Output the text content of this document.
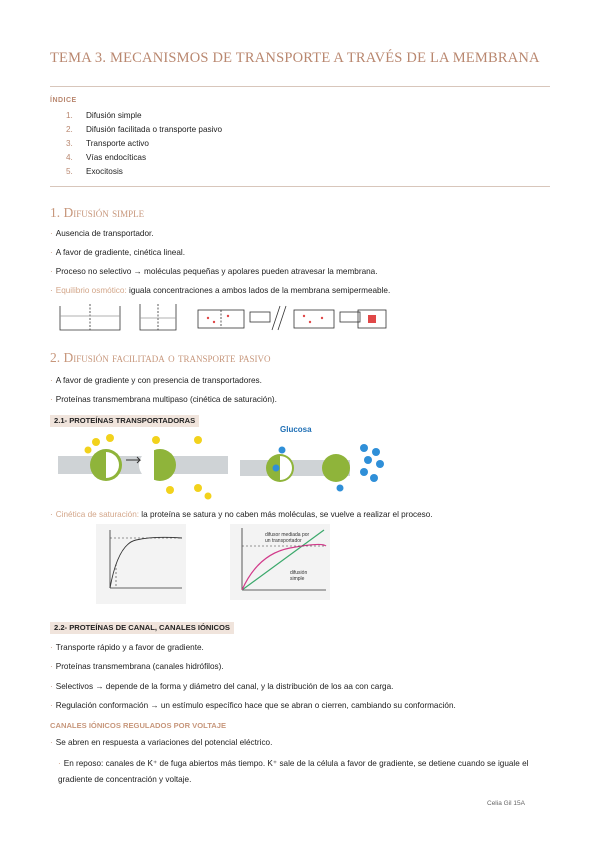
TEMA 3. MECANISMOS DE TRANSPORTE A TRAVÉS DE LA MEMBRANA
ÍNDICE
1. Difusión simple
2. Difusión facilitada o transporte pasivo
3. Transporte activo
4. Vías endocíticas
5. Exocitosis
1. Difusión simple
· Ausencia de transportador.
· A favor de gradiente, cinética lineal.
· Proceso no selectivo → moléculas pequeñas y apolares pueden atravesar la membrana.
· Equilibrio osmótico: iguala concentraciones a ambos lados de la membrana semipermeable.
2. Difusión facilitada o transporte pasivo
· A favor de gradiente y con presencia de transportadores.
· Proteínas transmembrana multipaso (cinética de saturación).
2.1- PROTEÍNAS TRANSPORTADORAS
Glucosa
· Cinética de saturación: la proteína se satura y no caben más moléculas, se vuelve a realizar el proceso.
difusor mediada por un transportador
difusión simple
2.2- PROTEÍNAS DE CANAL, CANALES IÓNICOS
· Transporte rápido y a favor de gradiente.
· Proteínas transmembrana (canales hidrófilos).
· Selectivos → depende de la forma y diámetro del canal, y la distribución de los aa con carga.
· Regulación conformación → un estímulo específico hace que se abran o cierren, cambiando su conformación.
CANALES IÓNICOS REGULADOS POR VOLTAJE
· Se abren en respuesta a variaciones del potencial eléctrico.
· En reposo: canales de K⁺ de fuga abiertos más tiempo. K⁺ sale de la célula a favor de gradiente, se detiene cuando se iguale el gradiente de concentración y voltaje.
Celia Gil 15A
